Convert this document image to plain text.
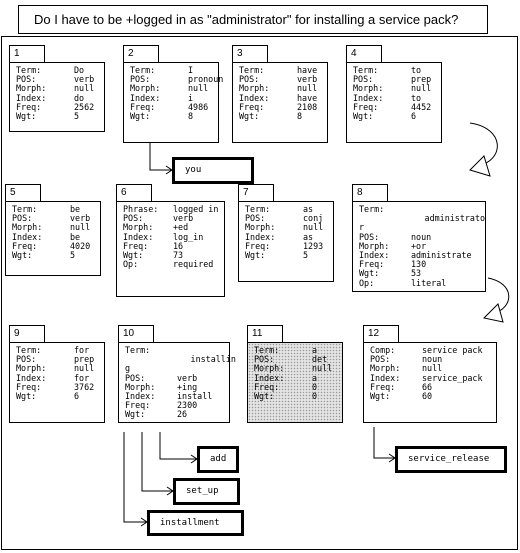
Do I have to be +logged in as "administrator" for installing a service pack?
1
Term:	Do
POS:	verb
Morph:	null
Index:	do
Freq:	2562
Wgt:	5
2
Term:	I
POS:	pronoun
Morph:	null
Index:	i
Freq:	4986
Wgt:	8
3
Term:	have
POS:	verb
Morph:	null
Index:	have
Freq:	2108
Wgt:	8
4
Term:	to
POS:	prep
Morph:	null
Index:	to
Freq:	4452
Wgt:	6
you
5
Term:	be
POS:	verb
Morph:	null
Index:	be
Freq:	4020
Wgt:	5
6
Phrase:	logged in
POS:	verb
Morph:	+ed
Index:	log_in
Freq:	16
Wgt:	73
Op:	required
7
Term:	as
POS:	conj
Morph:	null
Index:	as
Freq:	1293
Wgt:	5
8
Term:
administrato
r
POS:	noun
Morph:	+or
Index:	administrate
Freq:	130
Wgt:	53
Op:	literal
9
Term:	for
POS:	prep
Morph:	null
Index:	for
Freq:	3762
Wgt:	6
10
Term:
installin
g
POS:	verb
Morph:	+ing
Index:	install
Freq:	2300
Wgt:	26
11
Term:	a
POS:	det
Morph:	null
Index:	a
Freq:	0
Wgt:	0
12
Comp:	service pack
POS:	noun
Morph:	null
Index:	service_pack
Freq:	66
Wgt:	60
add
set_up
installment
service_release
